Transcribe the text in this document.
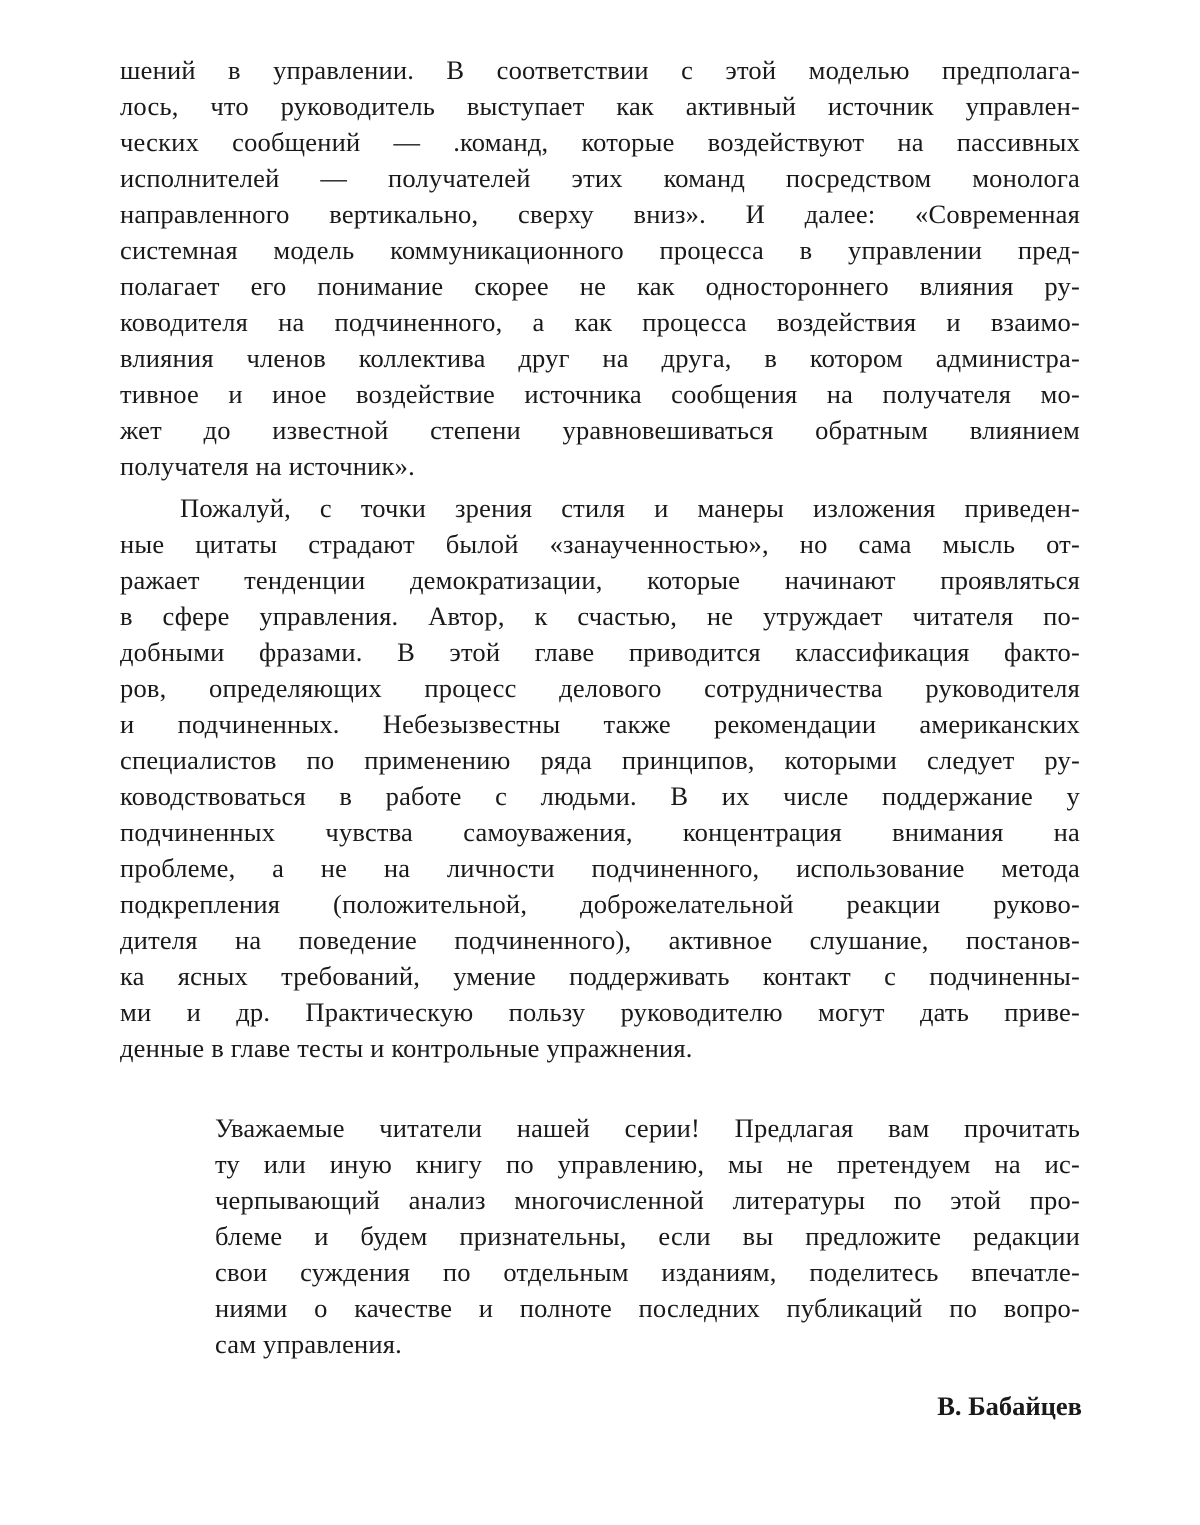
шений в управлении. В соответствии с этой моделью предполага-
лось, что руководитель выступает как активный источник управлен-
ческих сообщений — .команд, которые воздействуют на пассивных
исполнителей — получателей этих команд посредством монолога
направленного вертикально, сверху вниз». И далее: «Современная
системная модель коммуникационного процесса в управлении пред-
полагает его понимание скорее не как одностороннего влияния ру-
ководителя на подчиненного, а как процесса воздействия и взаимо-
влияния членов коллектива друг на друга, в котором администра-
тивное и иное воздействие источника сообщения на получателя мо-
жет до известной степени уравновешиваться обратным влиянием
получателя на источник».
Пожалуй, с точки зрения стиля и манеры изложения приведен-
ные цитаты страдают былой «занаученностью», но сама мысль от-
ражает тенденции демократизации, которые начинают проявляться
в сфере управления. Автор, к счастью, не утруждает читателя по-
добными фразами. В этой главе приводится классификация факто-
ров, определяющих процесс делового сотрудничества руководителя
и подчиненных. Небезызвестны также рекомендации американских
специалистов по применению ряда принципов, которыми следует ру-
ководствоваться в работе с людьми. В их числе поддержание у
подчиненных чувства самоуважения, концентрация внимания на
проблеме, а не на личности подчиненного, использование метода
подкрепления (положительной, доброжелательной реакции руково-
дителя на поведение подчиненного), активное слушание, постанов-
ка ясных требований, умение поддерживать контакт с подчиненны-
ми и др. Практическую пользу руководителю могут дать приве-
денные в главе тесты и контрольные упражнения.
Уважаемые читатели нашей серии! Предлагая вам прочитать
ту или иную книгу по управлению, мы не претендуем на ис-
черпывающий анализ многочисленной литературы по этой про-
блеме и будем признательны, если вы предложите редакции
свои суждения по отдельным изданиям, поделитесь впечатле-
ниями о качестве и полноте последних публикаций по вопро-
сам управления.
В. Бабайцев
